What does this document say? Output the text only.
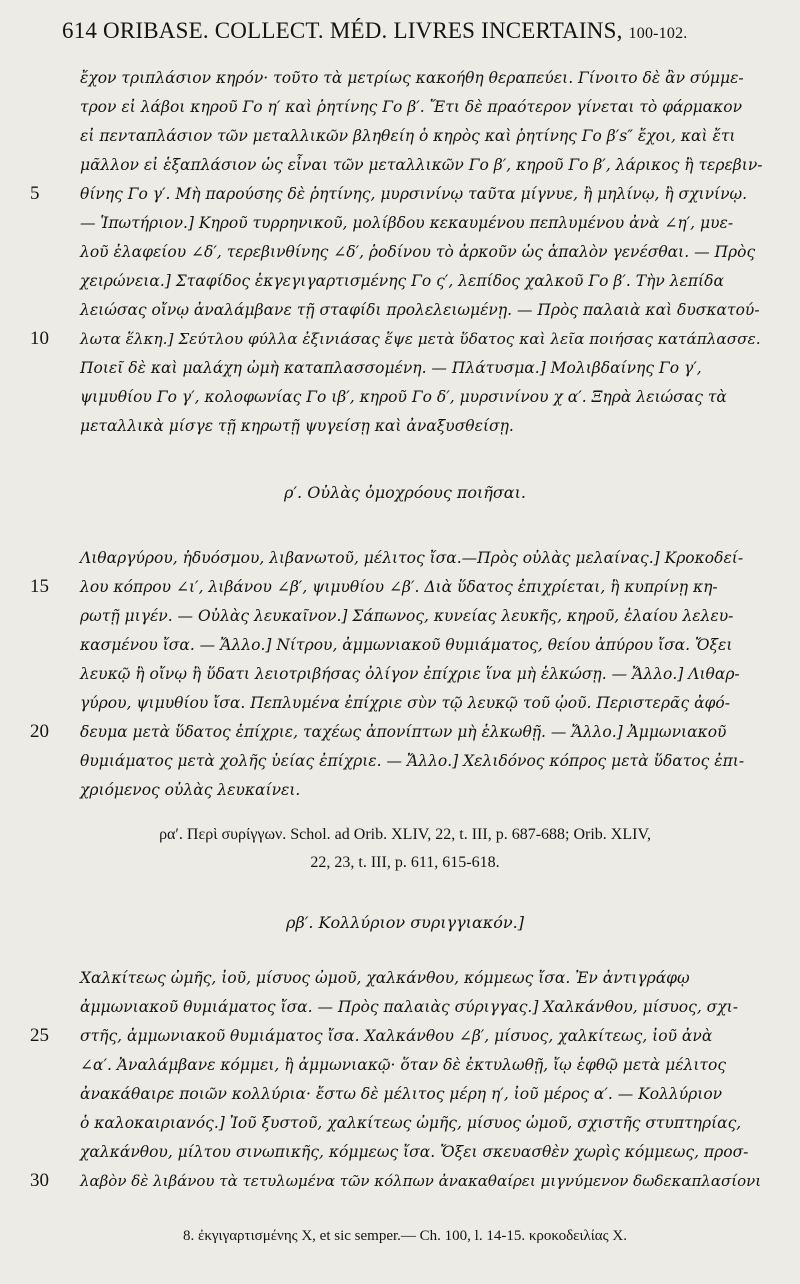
614 ORIBASE. COLLECT. MÉD. LIVRES INCERTAINS, 100-102.
ἔχον τριπλάσιον κηρόν· τοῦτο τὰ μετρίως κακοήθη θεραπεύει. Γίνοιτο δὲ ἂν σύμμε-
τρον εἰ λάβοι κηροῦ Γο η′ καὶ ῥητίνης Γο β′. Ἔτι δὲ πραότερον γίνεται τὸ φάρμακον
εἰ πενταπλάσιον τῶν μεταλλικῶν βληθείη ὁ κηρὸς καὶ ῥητίνης Γο β′s″ ἔχοι, καὶ ἔτι
μᾶλλον εἰ ἑξαπλάσιον ὡς εἶναι τῶν μεταλλικῶν Γο β′, κηροῦ Γο β′, λάρικος ἢ τερεβιν-
5	θίνης Γο γ′. Μὴ παρούσης δὲ ῥητίνης, μυρσινίνῳ ταῦτα μίγνυε, ἢ μηλίνῳ, ἢ σχινίνῳ.
— Ἱπωτήριον.] Κηροῦ τυρρηνικοῦ, μολίβδου κεκαυμένου πεπλυμένου ἀνὰ ∠η′, μυε-
λοῦ ἐλαφείου ∠δ′, τερεβινθίνης ∠δ′, ῥοδίνου τὸ ἀρκοῦν ὡς ἁπαλὸν γενέσθαι. — Πρὸς
χειρώνεια.] Σταφίδος ἐκγεγιγαρτισμένης Γο ς′, λεπίδος χαλκοῦ Γο β′. Τὴν λεπίδα
λειώσας οἴνῳ ἀναλάμβανε τῇ σταφίδι προλελειωμένῃ. — Πρὸς παλαιὰ καὶ δυσκατού-
10	λωτα ἕλκη.] Σεύτλου φύλλα ἐξινιάσας ἕψε μετὰ ὕδατος καὶ λεῖα ποιήσας κατάπλασσε.
Ποιεῖ δὲ καὶ μαλάχη ὠμὴ καταπλασσομένη. — Πλάτυσμα.] Μολιβδαίνης Γο γ′,
ψιμυθίου Γο γ′, κολοφωνίας Γο ιβ′, κηροῦ Γο δ′, μυρσινίνου χ α′. Ξηρὰ λειώσας τὰ
μεταλλικὰ μίσγε τῇ κηρωτῇ ψυγείσῃ καὶ ἀναξυσθείσῃ.
ρ′. Οὐλὰς ὁμοχρόους ποιῆσαι.
Λιθαργύρου, ἡδυόσμου, λιβανωτοῦ, μέλιτος ἴσα.—Πρὸς οὐλὰς μελαίνας.] Κροκοδεί-
15	λου κόπρου ∠ι′, λιβάνου ∠β′, ψιμυθίου ∠β′. Διὰ ὕδατος ἐπιχρίεται, ἢ κυπρίνῃ κη-
ρωτῇ μιγέν. — Οὐλὰς λευκαῖνον.] Σάπωνος, κυνείας λευκῆς, κηροῦ, ἐλαίου λελευ-
κασμένου ἴσα. — Ἄλλο.] Νίτρου, ἀμμωνιακοῦ θυμιάματος, θείου ἀπύρου ἴσα. Ὄξει
λευκῷ ἢ οἴνῳ ἢ ὕδατι λειοτριβήσας ὀλίγον ἐπίχριε ἵνα μὴ ἑλκώσῃ. — Ἄλλο.] Λιθαρ-
γύρου, ψιμυθίου ἴσα. Πεπλυμένα ἐπίχριε σὺν τῷ λευκῷ τοῦ ᾠοῦ. Περιστερᾶς ἀφό-
20	δευμα μετὰ ὕδατος ἐπίχριε, ταχέως ἀπονίπτων μὴ ἑλκωθῇ. — Ἄλλο.] Ἀμμωνιακοῦ
θυμιάματος μετὰ χολῆς ὑείας ἐπίχριε. — Ἄλλο.] Χελιδόνος κόπρος μετὰ ὕδατος ἐπι-
χριόμενος οὐλὰς λευκαίνει.
ρα′. Περὶ συρίγγων. Schol. ad Orib. XLIV, 22, t. III, p. 687-688; Orib. XLIV,
22, 23, t. III, p. 611, 615-618.
ρβ′. Κολλύριον συριγγιακόν.]
Χαλκίτεως ὠμῆς, ἰοῦ, μίσυος ὠμοῦ, χαλκάνθου, κόμμεως ἴσα. Ἐν ἀντιγράφῳ
ἀμμωνιακοῦ θυμιάματος ἴσα. — Πρὸς παλαιὰς σύριγγας.] Χαλκάνθου, μίσυος, σχι-
25	στῆς, ἀμμωνιακοῦ θυμιάματος ἴσα. Χαλκάνθου ∠β′, μίσυος, χαλκίτεως, ἰοῦ ἀνὰ
∠α′. Ἀναλάμβανε κόμμει, ἢ ἀμμωνιακῷ· ὅταν δὲ ἐκτυλωθῇ, ἴῳ ἑφθῷ μετὰ μέλιτος
ἀνακάθαιρε ποιῶν κολλύρια· ἔστω δὲ μέλιτος μέρη η′, ἰοῦ μέρος α′. — Κολλύριον
ὁ καλοκαιριανός.] Ἰοῦ ξυστοῦ, χαλκίτεως ὠμῆς, μίσυος ὠμοῦ, σχιστῆς στυπτηρίας,
χαλκάνθου, μίλτου σινωπικῆς, κόμμεως ἴσα. Ὄξει σκευασθὲν χωρὶς κόμμεως, προσ-
30	λαβὸν δὲ λιβάνου τὰ τετυλωμένα τῶν κόλπων ἀνακαθαίρει μιγνύμενον δωδεκαπλασίονι
8. ἐκγιγαρτισμένης X, et sic semper.— Ch. 100, l. 14-15. κροκοδειλίας X.
